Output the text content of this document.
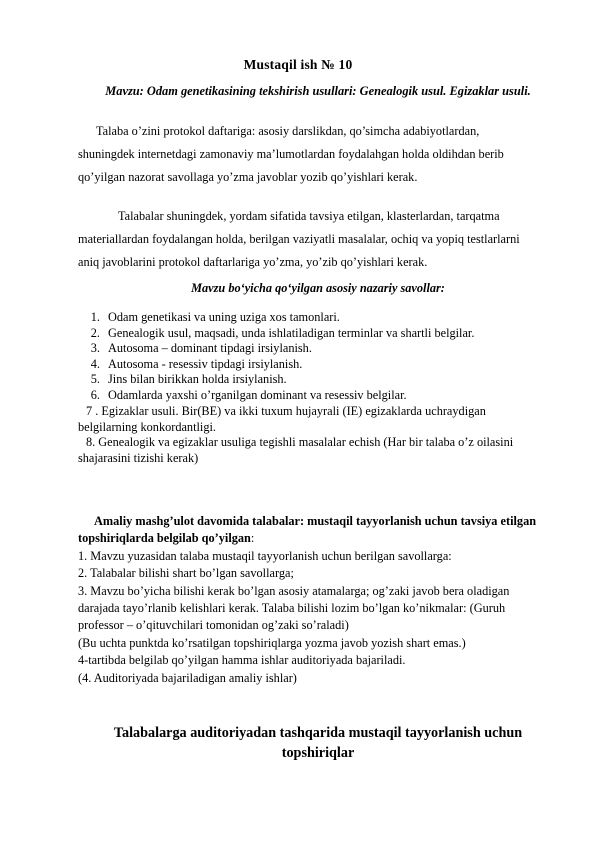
Mustaqil ish № 10
Mavzu: Odam genetikasining tekshirish usullari: Genealogik usul. Egizaklar usuli.

Talaba o’zini protokol daftariga: asosiy darslikdan, qo’simcha adabiyotlardan, shuningdek internetdagi zamonaviy ma’lumotlardan foydalahgan holda oldihdan berib qo’yilgan nazorat savollaga yo’zma javoblar yozib qo’yishlari kerak.

Talabalar shuningdek, yordam sifatida tavsiya etilgan, klasterlardan, tarqatma materiallardan foydalangan holda, berilgan vaziyatli masalalar, ochiq va yopiq testlarlarni aniq javoblarini protokol daftarlariga yo’zma, yo’zib qo’yishlari kerak.

Mavzu bo‘yicha qo‘yilgan asosiy nazariy savollar:
1. Odam genetikasi va uning uziga xos tamonlari.
2. Genealogik usul, maqsadi, unda ishlatiladigan terminlar va shartli belgilar.
3. Autosoma – dominant tipdagi irsiylanish.
4. Autosoma - resessiv tipdagi irsiylanish.
5. Jins bilan birikkan holda irsiylanish.
6. Odamlarda yaxshi o’rganilgan dominant va resessiv belgilar.
7 . Egizaklar usuli. Bir(BE) va ikki tuxum hujayrali (IE) egizaklarda uchraydigan belgilarning konkordantligi.
8. Genealogik va egizaklar usuliga tegishli masalalar echish (Har bir talaba o’z oilasini shajarasini tizishi kerak)
Amaliy mashg’ulot davomida talabalar: mustaqil tayyorlanish uchun tavsiya etilgan topshiriqlarda belgilab qo’yilgan:
1. Mavzu yuzasidan talaba mustaqil tayyorlanish uchun berilgan savollarga:
2. Talabalar bilishi shart bo’lgan savollarga;
3. Mavzu bo’yicha bilishi kerak bo’lgan asosiy atamalarga; og’zaki javob bera oladigan darajada tayo’rlanib kelishlari kerak. Talaba bilishi lozim bo’lgan ko’nikmalar: (Guruh professor – o’qituvchilari tomonidan og’zaki so’raladi)
(Bu uchta punktda ko’rsatilgan topshiriqlarga yozma javob yozish shart emas.)
4-tartibda belgilab qo’yilgan hamma ishlar auditoriyada bajariladi.
(4. Auditoriyada bajariladigan amaliy ishlar)
Talabalarga auditoriyadan tashqarida mustaqil tayyorlanish uchun topshiriqlar
